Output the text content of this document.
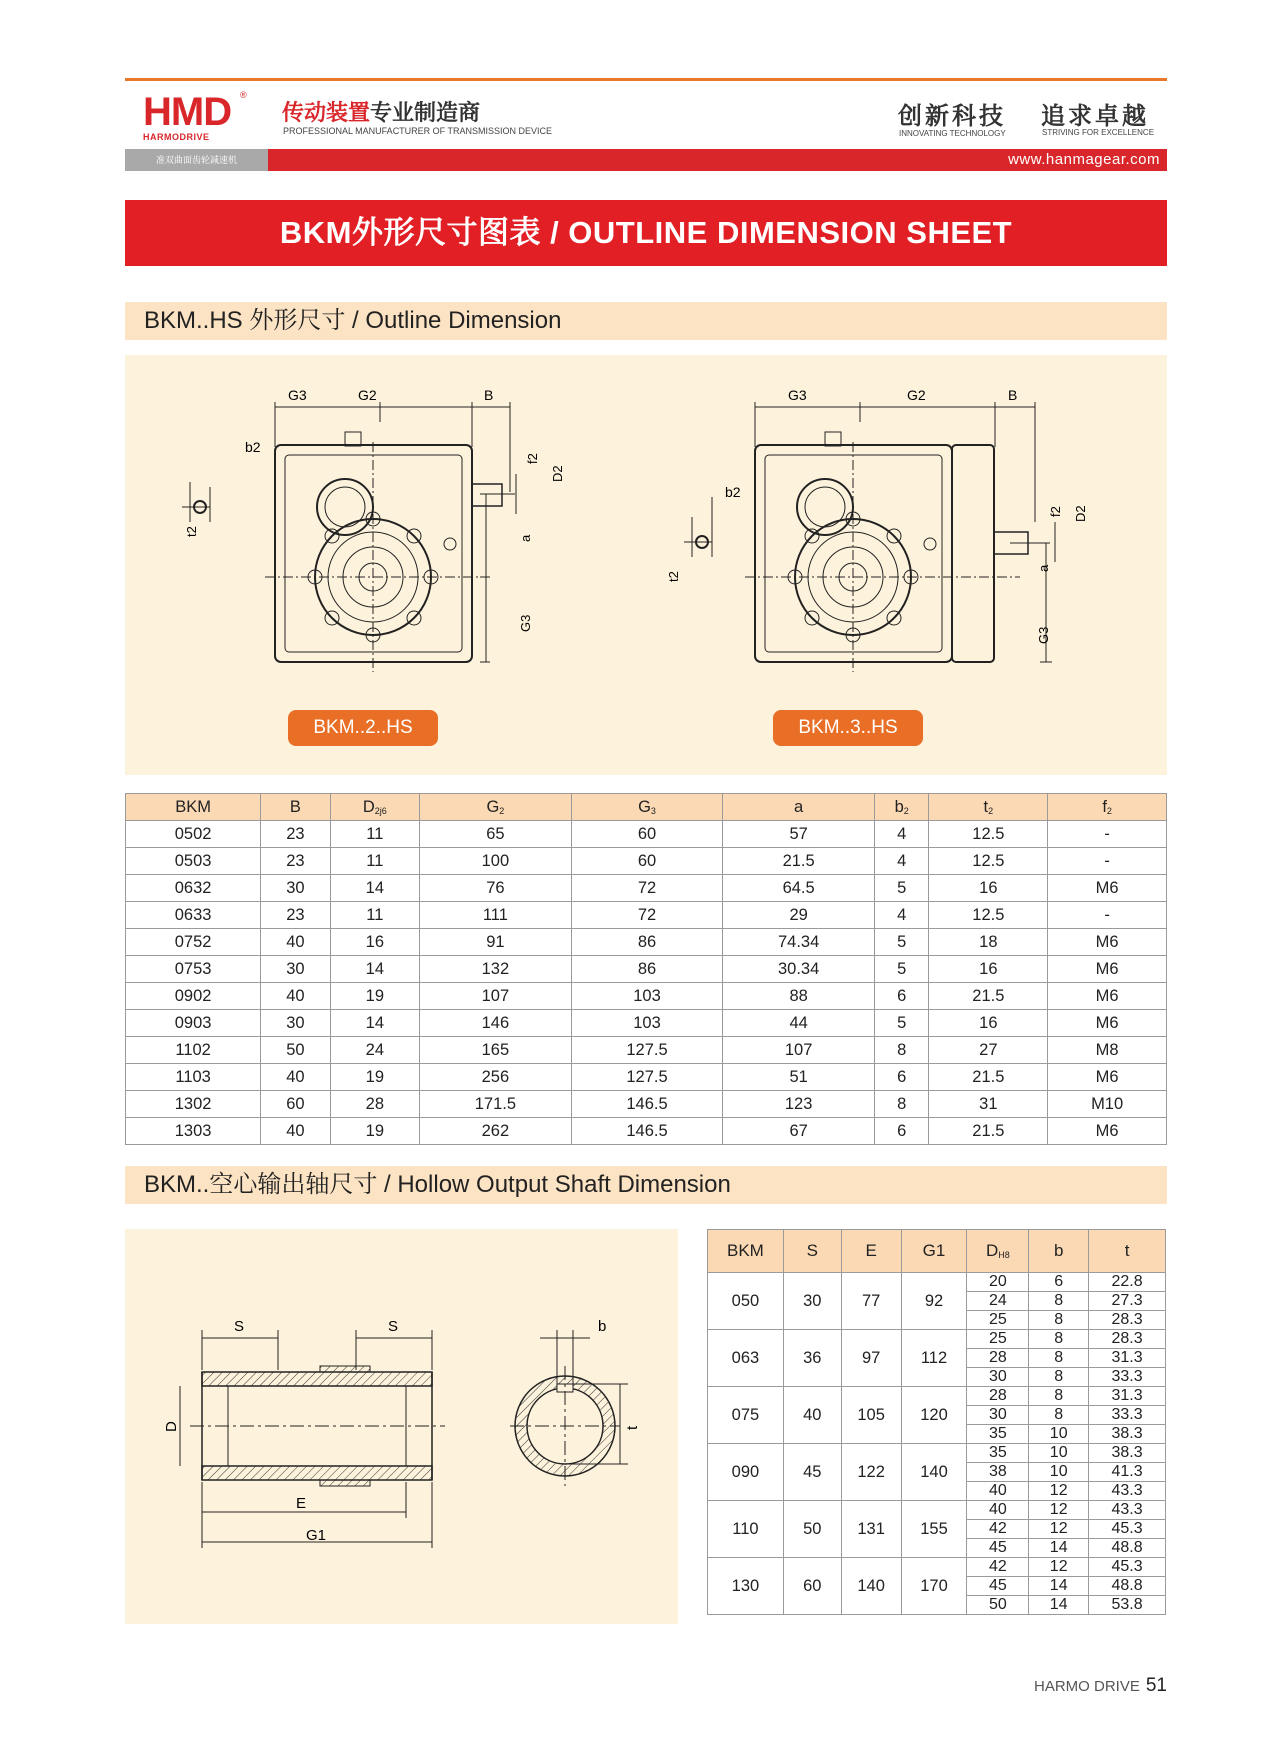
HMD
HARMODRIVE
®
传动装置专业制造商
PROFESSIONAL MANUFACTURER OF TRANSMISSION DEVICE
创新科技 追求卓越
INNOVATING TECHNOLOGY	STRIVING FOR EXCELLENCE
准双曲面齿轮减速机	www.hanmagear.com
BKM外形尺寸图表 / OUTLINE DIMENSION SHEET
BKM..HS 外形尺寸 / Outline Dimension
G3	G2	B
b2
f2
D2
t2
a
G3
G3	G2	B
b2
f2 D2
t2
a
G3
BKM..2..HS	BKM..3..HS
BKM	B	$D_{2j6}$	$G_2$	$G_3$	a	$b_2$	$t_2$	$f_2$
0502	23	11	65	60	57	4	12.5	-
0503	23	11	100	60	21.5	4	12.5	-
0632	30	14	76	72	64.5	5	16	M6
0633	23	11	111	72	29	4	12.5	-
0752	40	16	91	86	74.34	5	18	M6
0753	30	14	132	86	30.34	5	16	M6
0902	40	19	107	103	88	6	21.5	M6
0903	30	14	146	103	44	5	16	M6
1102	50	24	165	127.5	107	8	27	M8
1103	40	19	256	127.5	51	6	21.5	M6
1302	60	28	171.5	146.5	123	8	31	M10
1303	40	19	262	146.5	67	6	21.5	M6
BKM..空心输出轴尺寸 / Hollow Output Shaft Dimension
S	S
D
E
G1
b
t
BKM	S	E	G1	$D_{H8}$	b	t
050	30	77	92	20	6	22.8
				24	8	27.3
				25	8	28.3
063	36	97	112	25	8	28.3
				28	8	31.3
				30	8	33.3
075	40	105	120	28	8	31.3
				30	8	33.3
				35	10	38.3
090	45	122	140	35	10	38.3
				38	10	41.3
				40	12	43.3
110	50	131	155	40	12	43.3
				42	12	45.3
				45	14	48.8
130	60	140	170	42	12	45.3
				45	14	48.8
				50	14	53.8
HARMO DRIVE 51
